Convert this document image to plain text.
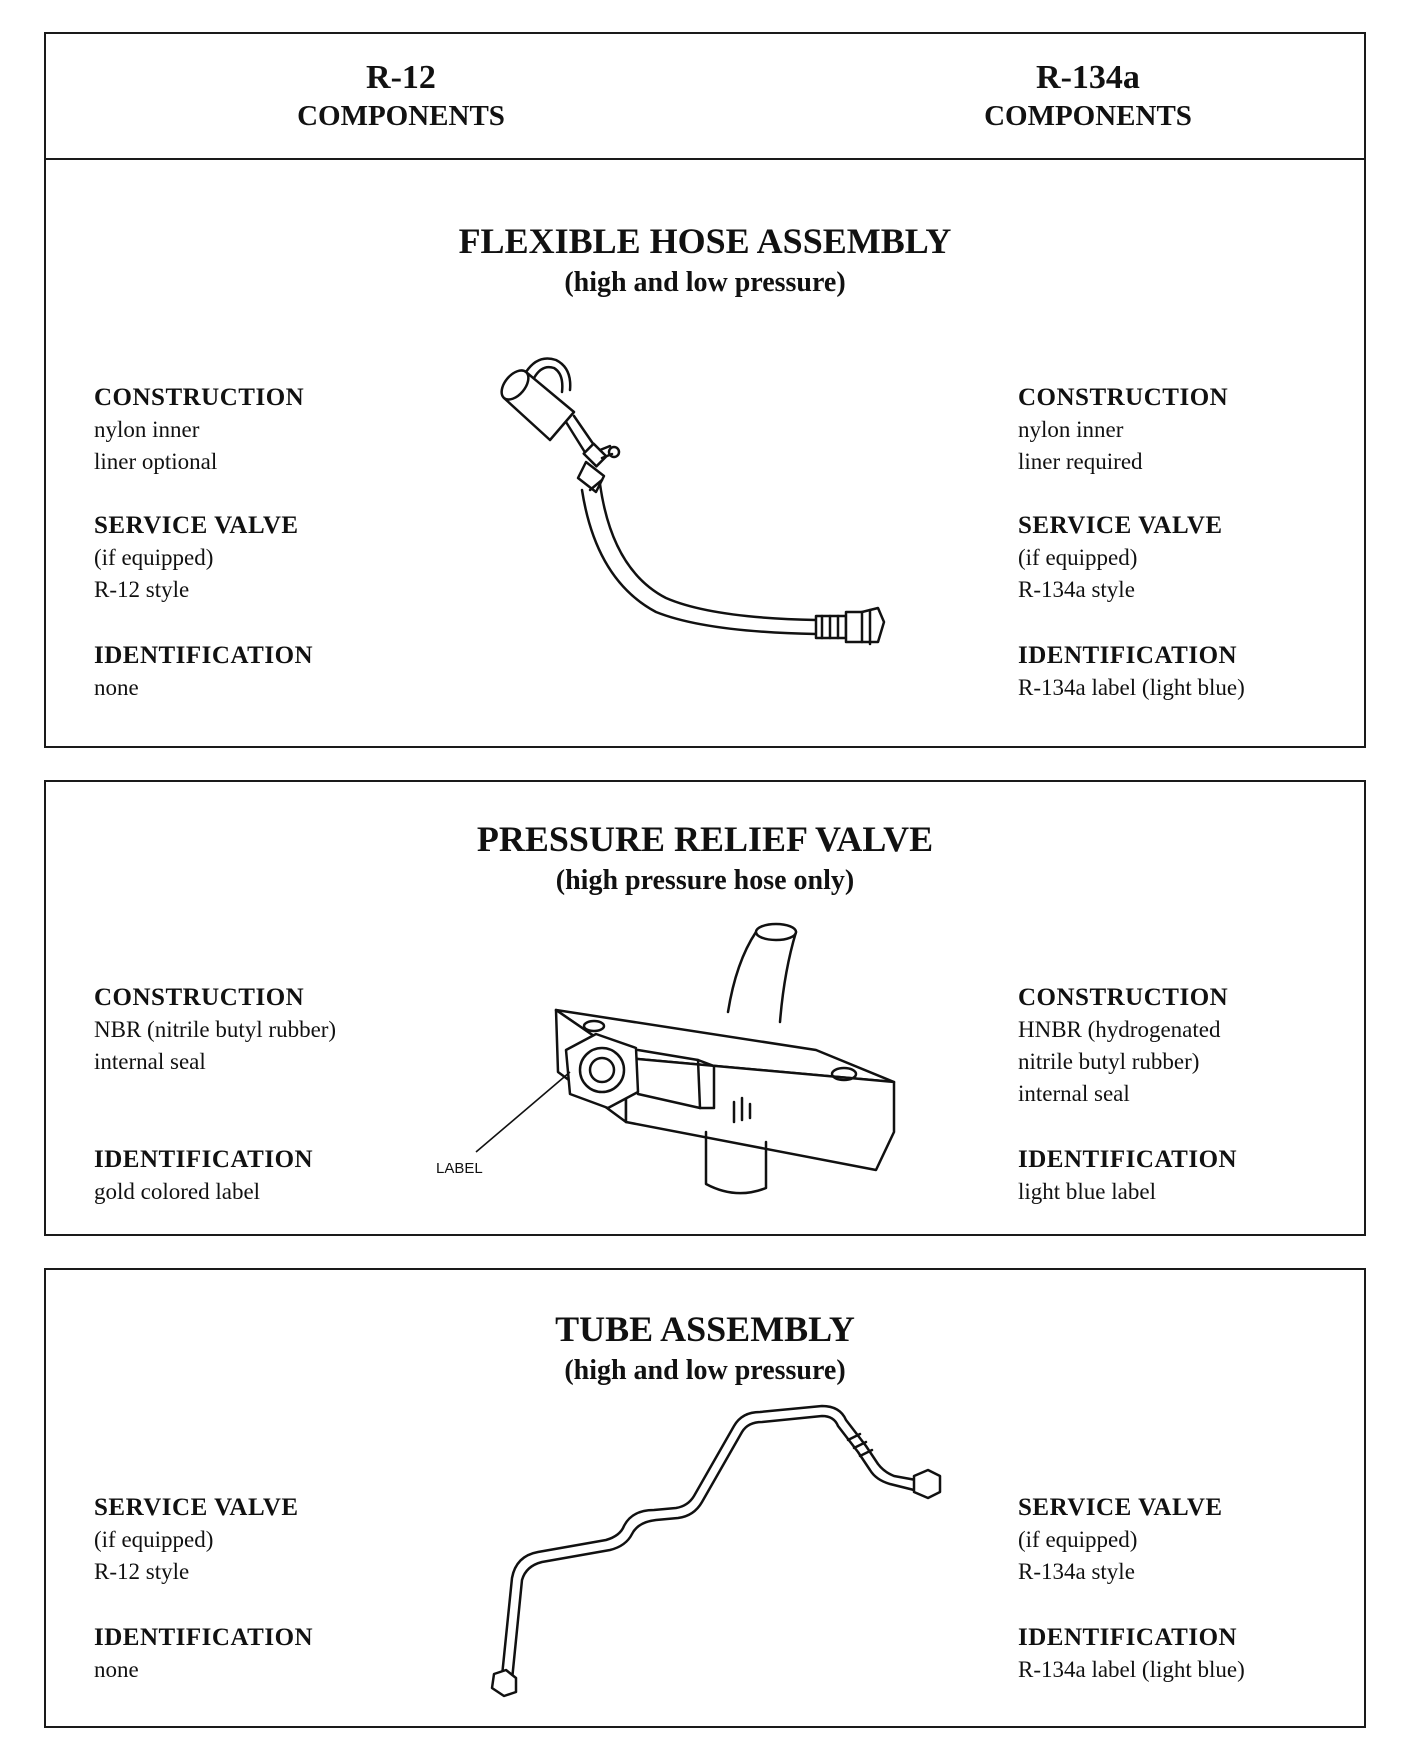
R-12
COMPONENTS
R-134a
COMPONENTS
FLEXIBLE HOSE ASSEMBLY
(high and low pressure)
CONSTRUCTION
nylon inner
liner optional
SERVICE VALVE
(if equipped)
R-12 style
IDENTIFICATION
none
CONSTRUCTION
nylon inner
liner required
SERVICE VALVE
(if equipped)
R-134a style
IDENTIFICATION
R-134a label (light blue)
PRESSURE RELIEF VALVE
(high pressure hose only)
CONSTRUCTION
NBR (nitrile butyl rubber)
internal seal
IDENTIFICATION
gold colored label
CONSTRUCTION
HNBR (hydrogenated
nitrile butyl rubber)
internal seal
IDENTIFICATION
light blue label
LABEL
TUBE ASSEMBLY
(high and low pressure)
SERVICE VALVE
(if equipped)
R-12 style
IDENTIFICATION
none
SERVICE VALVE
(if equipped)
R-134a style
IDENTIFICATION
R-134a label (light blue)
